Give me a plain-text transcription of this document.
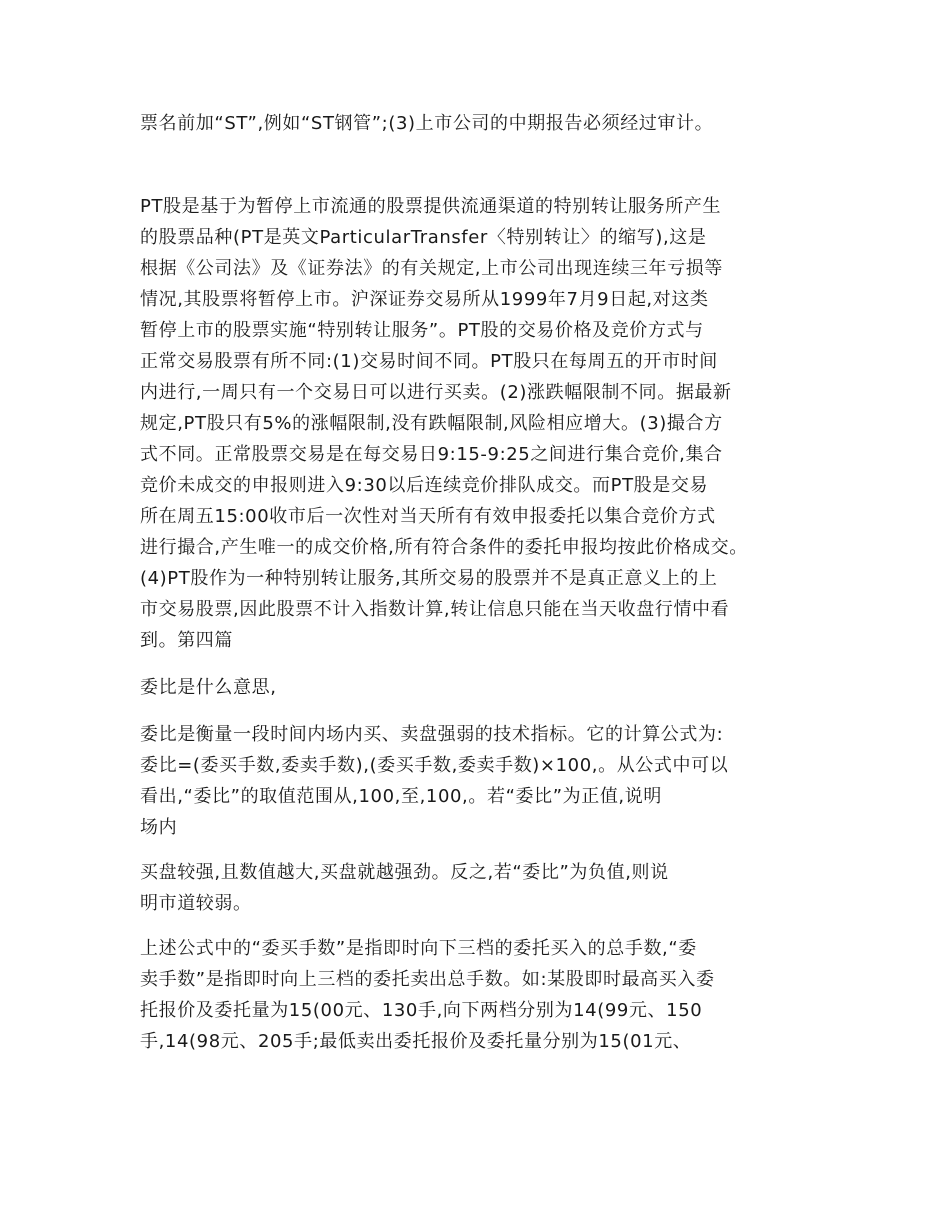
票名前加“ST”,例如“ST钢管”;(3)上市公司的中期报告必须经过审计。

PT股是基于为暂停上市流通的股票提供流通渠道的特别转让服务所产生
的股票品种(PT是英文ParticularTransfer〈特别转让〉的缩写),这是
根据《公司法》及《证券法》的有关规定,上市公司出现连续三年亏损等
情况,其股票将暂停上市。沪深证券交易所从1999年7月9日起,对这类
暂停上市的股票实施“特别转让服务”。PT股的交易价格及竞价方式与
正常交易股票有所不同:(1)交易时间不同。PT股只在每周五的开市时间
内进行,一周只有一个交易日可以进行买卖。(2)涨跌幅限制不同。据最新
规定,PT股只有5%的涨幅限制,没有跌幅限制,风险相应增大。(3)撮合方
式不同。正常股票交易是在每交易日9:15-9:25之间进行集合竞价,集合
竞价未成交的申报则进入9:30以后连续竞价排队成交。而PT股是交易
所在周五15:00收市后一次性对当天所有有效申报委托以集合竞价方式
进行撮合,产生唯一的成交价格,所有符合条件的委托申报均按此价格成交。
(4)PT股作为一种特别转让服务,其所交易的股票并不是真正意义上的上
市交易股票,因此股票不计入指数计算,转让信息只能在当天收盘行情中看
到。第四篇

委比是什么意思,

委比是衡量一段时间内场内买、卖盘强弱的技术指标。它的计算公式为:
委比=(委买手数,委卖手数),(委买手数,委卖手数)×100,。从公式中可以
看出,“委比”的取值范围从,100,至,100,。若“委比”为正值,说明
场内

买盘较强,且数值越大,买盘就越强劲。反之,若“委比”为负值,则说
明市道较弱。

上述公式中的“委买手数”是指即时向下三档的委托买入的总手数,“委
卖手数”是指即时向上三档的委托卖出总手数。如:某股即时最高买入委
托报价及委托量为15(00元、130手,向下两档分别为14(99元、150
手,14(98元、205手;最低卖出委托报价及委托量分别为15(01元、
